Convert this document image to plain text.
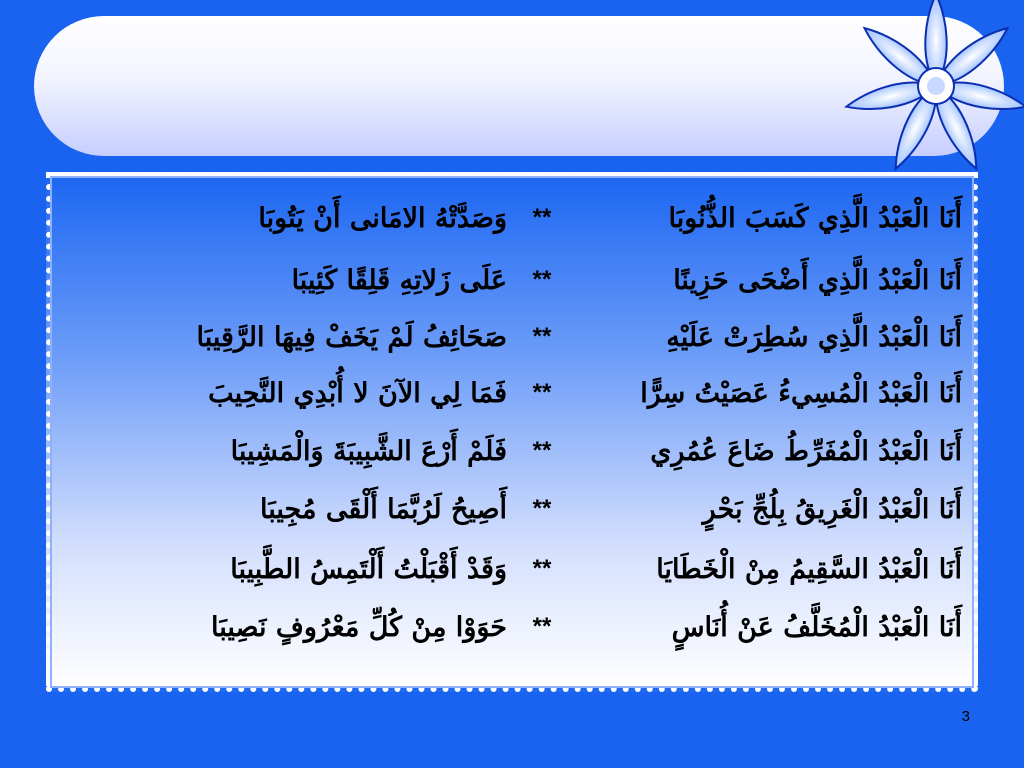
أَنَا الْعَبْدُ الَّذِي كَسَبَ الذُّنُوبَا
**
وَصَدَّتْهُ الامَانى أَنْ يَتُوبَا
أَنَا الْعَبْدُ الَّذِي أَضْحَى حَزِينًا
**
عَلَى زَلاتِهِ قَلِقًا كَئِيبَا
أَنَا الْعَبْدُ الَّذِي سُطِرَتْ عَلَيْهِ
**
صَحَائِفُ لَمْ يَخَفْ فِيهَا الرَّقِيبَا
أَنَا الْعَبْدُ الْمُسِيءُ عَصَيْتُ سِرًّا
**
فَمَا لِي الآنَ لا أُبْدِي النَّحِيبَ
أَنَا الْعَبْدُ الْمُفَرِّطُ ضَاعَ عُمُرِي
**
فَلَمْ أَرْعَ الشَّبِيبَةَ وَالْمَشِيبَا
أَنَا الْعَبْدُ الْغَرِيقُ بِلُجِّ بَحْرٍ
**
أَصِيحُ لَرُبَّمَا أَلْقَى مُجِيبَا
أَنَا الْعَبْدُ السَّقِيمُ مِنْ الْخَطَايَا
**
وَقَدْ أَقْبَلْتُ أَلْتَمِسُ الطَّبِيبَا
أَنَا الْعَبْدُ الْمُخَلَّفُ عَنْ أُنَاسٍ
**
حَوَوْا مِنْ كُلِّ مَعْرُوفٍ نَصِيبَا
3
